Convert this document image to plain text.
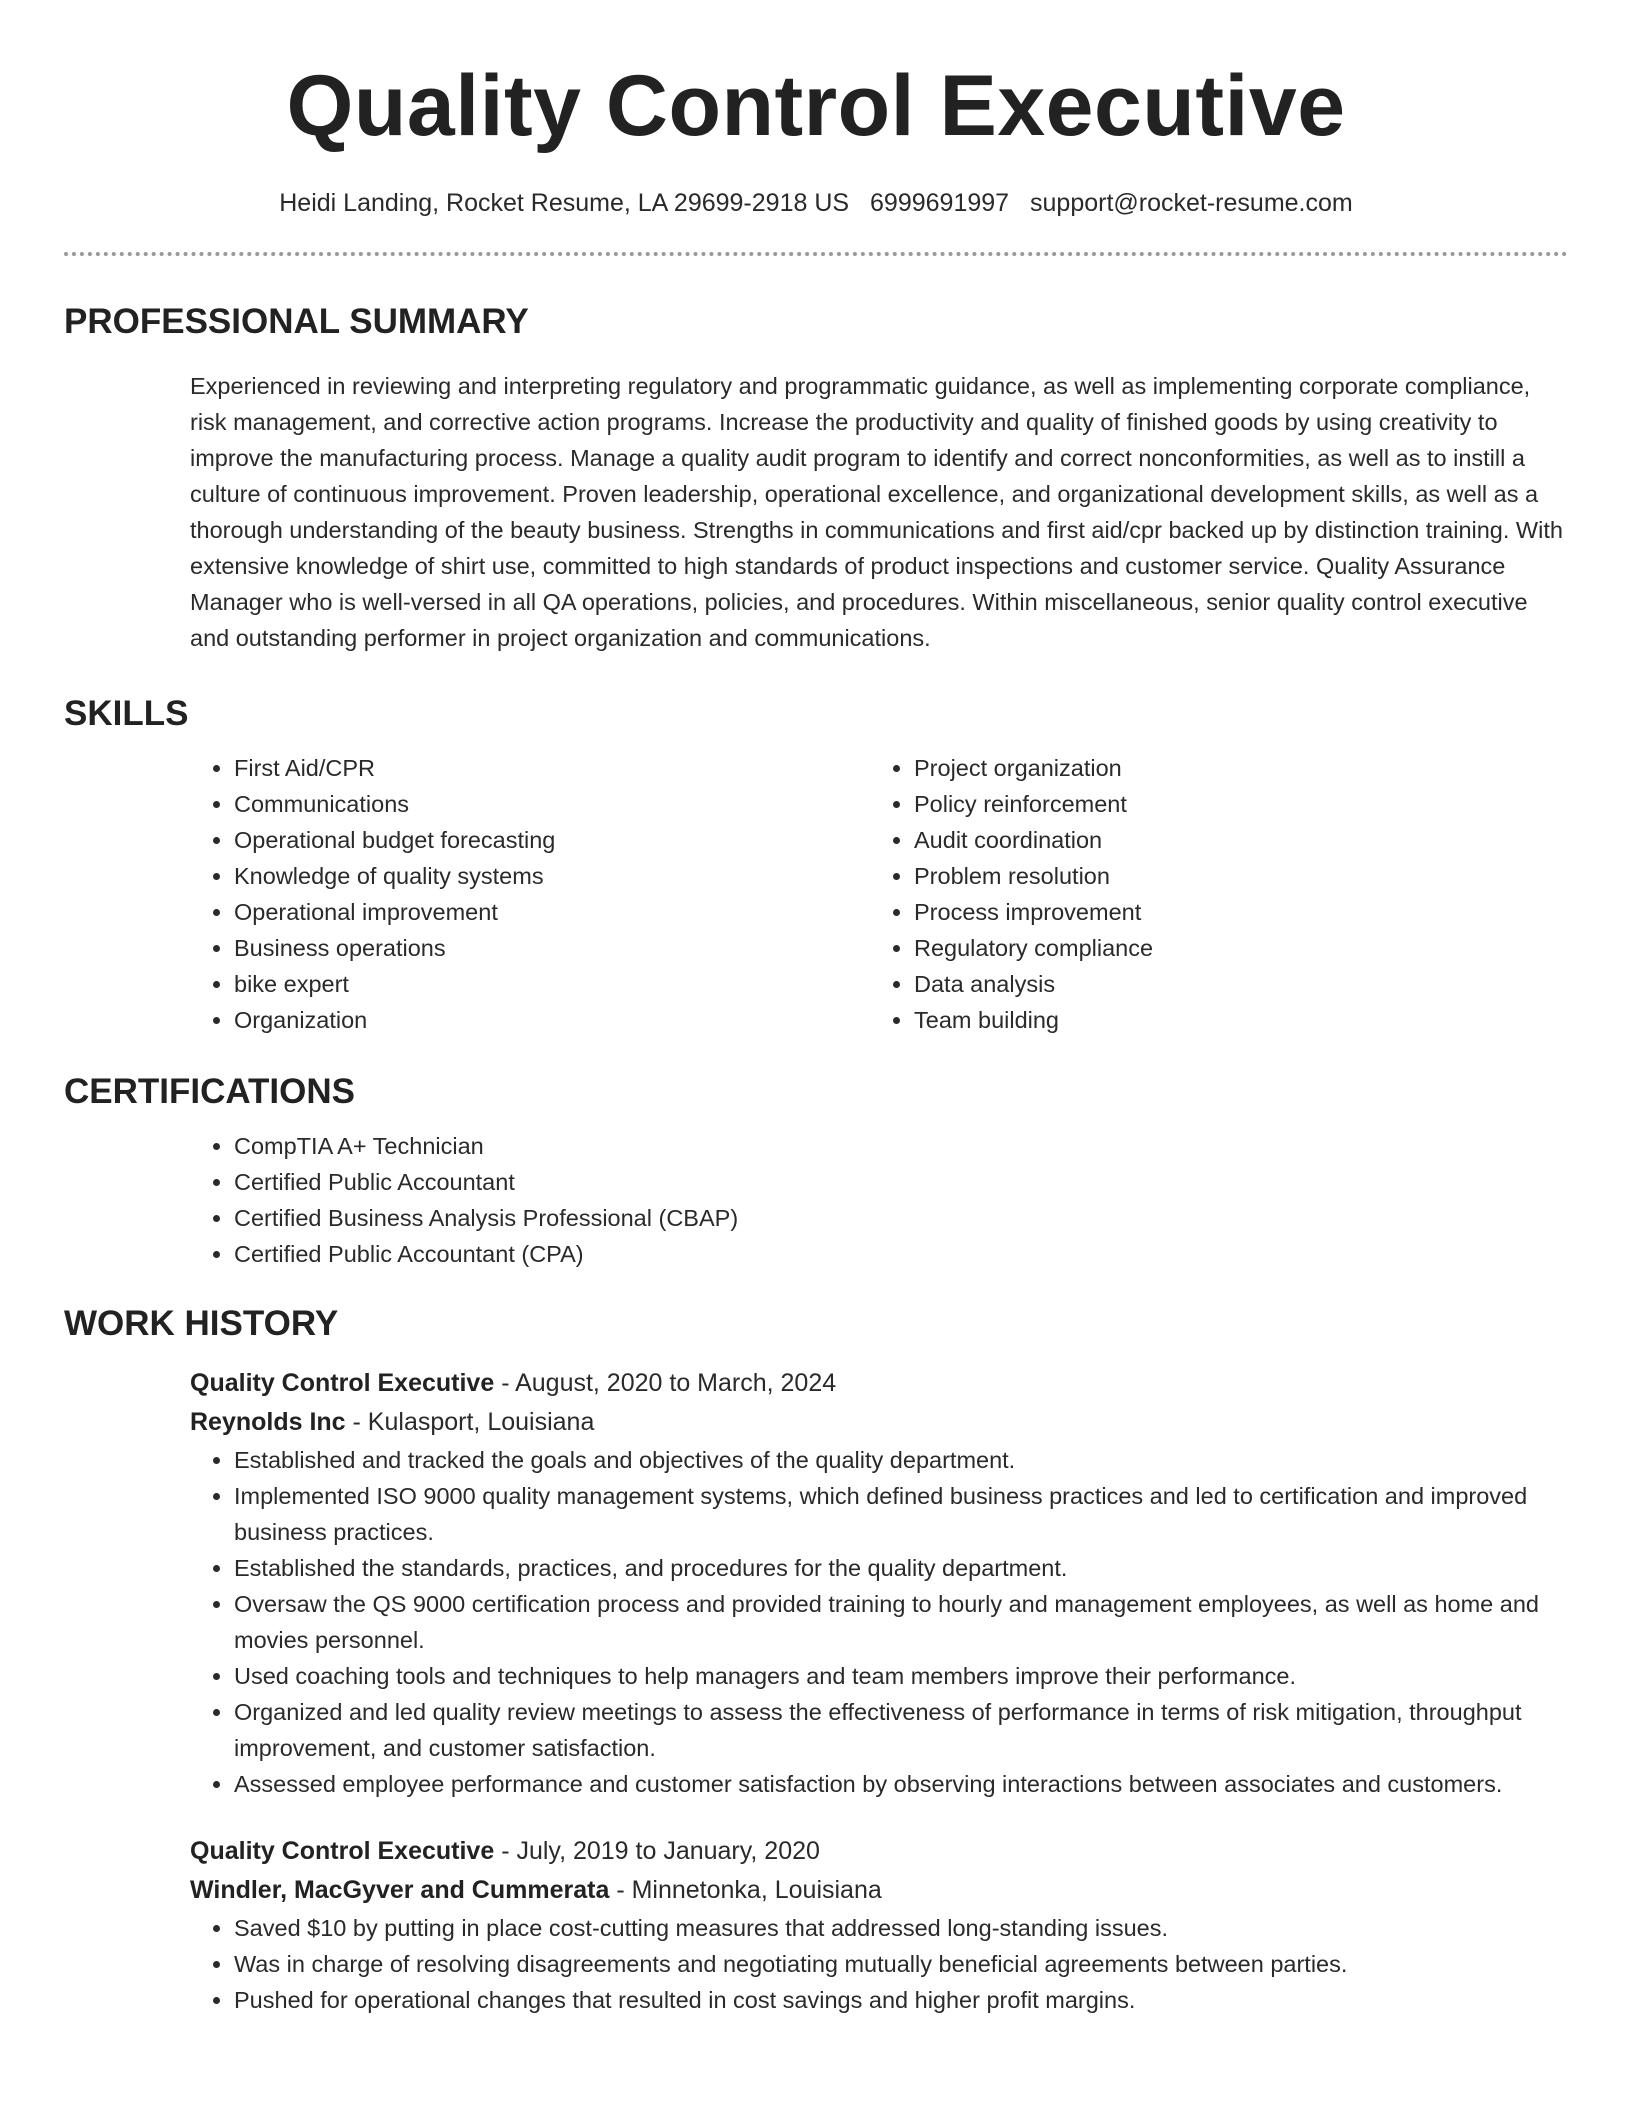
Quality Control Executive
Heidi Landing, Rocket Resume, LA 29699-2918 US 6999691997 support@rocket-resume.com
PROFESSIONAL SUMMARY

Experienced in reviewing and interpreting regulatory and programmatic guidance, as well as implementing corporate compliance, risk management, and corrective action programs. Increase the productivity and quality of finished goods by using creativity to improve the manufacturing process. Manage a quality audit program to identify and correct nonconformities, as well as to instill a culture of continuous improvement. Proven leadership, operational excellence, and organizational development skills, as well as a thorough understanding of the beauty business. Strengths in communications and first aid/cpr backed up by distinction training. With extensive knowledge of shirt use, committed to high standards of product inspections and customer service. Quality Assurance Manager who is well-versed in all QA operations, policies, and procedures. Within miscellaneous, senior quality control executive and outstanding performer in project organization and communications.

SKILLS
• First Aid/CPR
• Communications
• Operational budget forecasting
• Knowledge of quality systems
• Operational improvement
• Business operations
• bike expert
• Organization
• Project organization
• Policy reinforcement
• Audit coordination
• Problem resolution
• Process improvement
• Regulatory compliance
• Data analysis
• Team building
CERTIFICATIONS
• CompTIA A+ Technician
• Certified Public Accountant
• Certified Business Analysis Professional (CBAP)
• Certified Public Accountant (CPA)
WORK HISTORY
Quality Control Executive - August, 2020 to March, 2024
Reynolds Inc - Kulasport, Louisiana
• Established and tracked the goals and objectives of the quality department.
• Implemented ISO 9000 quality management systems, which defined business practices and led to certification and improved business practices.
• Established the standards, practices, and procedures for the quality department.
• Oversaw the QS 9000 certification process and provided training to hourly and management employees, as well as home and movies personnel.
• Used coaching tools and techniques to help managers and team members improve their performance.
• Organized and led quality review meetings to assess the effectiveness of performance in terms of risk mitigation, throughput improvement, and customer satisfaction.
• Assessed employee performance and customer satisfaction by observing interactions between associates and customers.
Quality Control Executive - July, 2019 to January, 2020
Windler, MacGyver and Cummerata - Minnetonka, Louisiana
• Saved $10 by putting in place cost-cutting measures that addressed long-standing issues.
• Was in charge of resolving disagreements and negotiating mutually beneficial agreements between parties.
• Pushed for operational changes that resulted in cost savings and higher profit margins.
